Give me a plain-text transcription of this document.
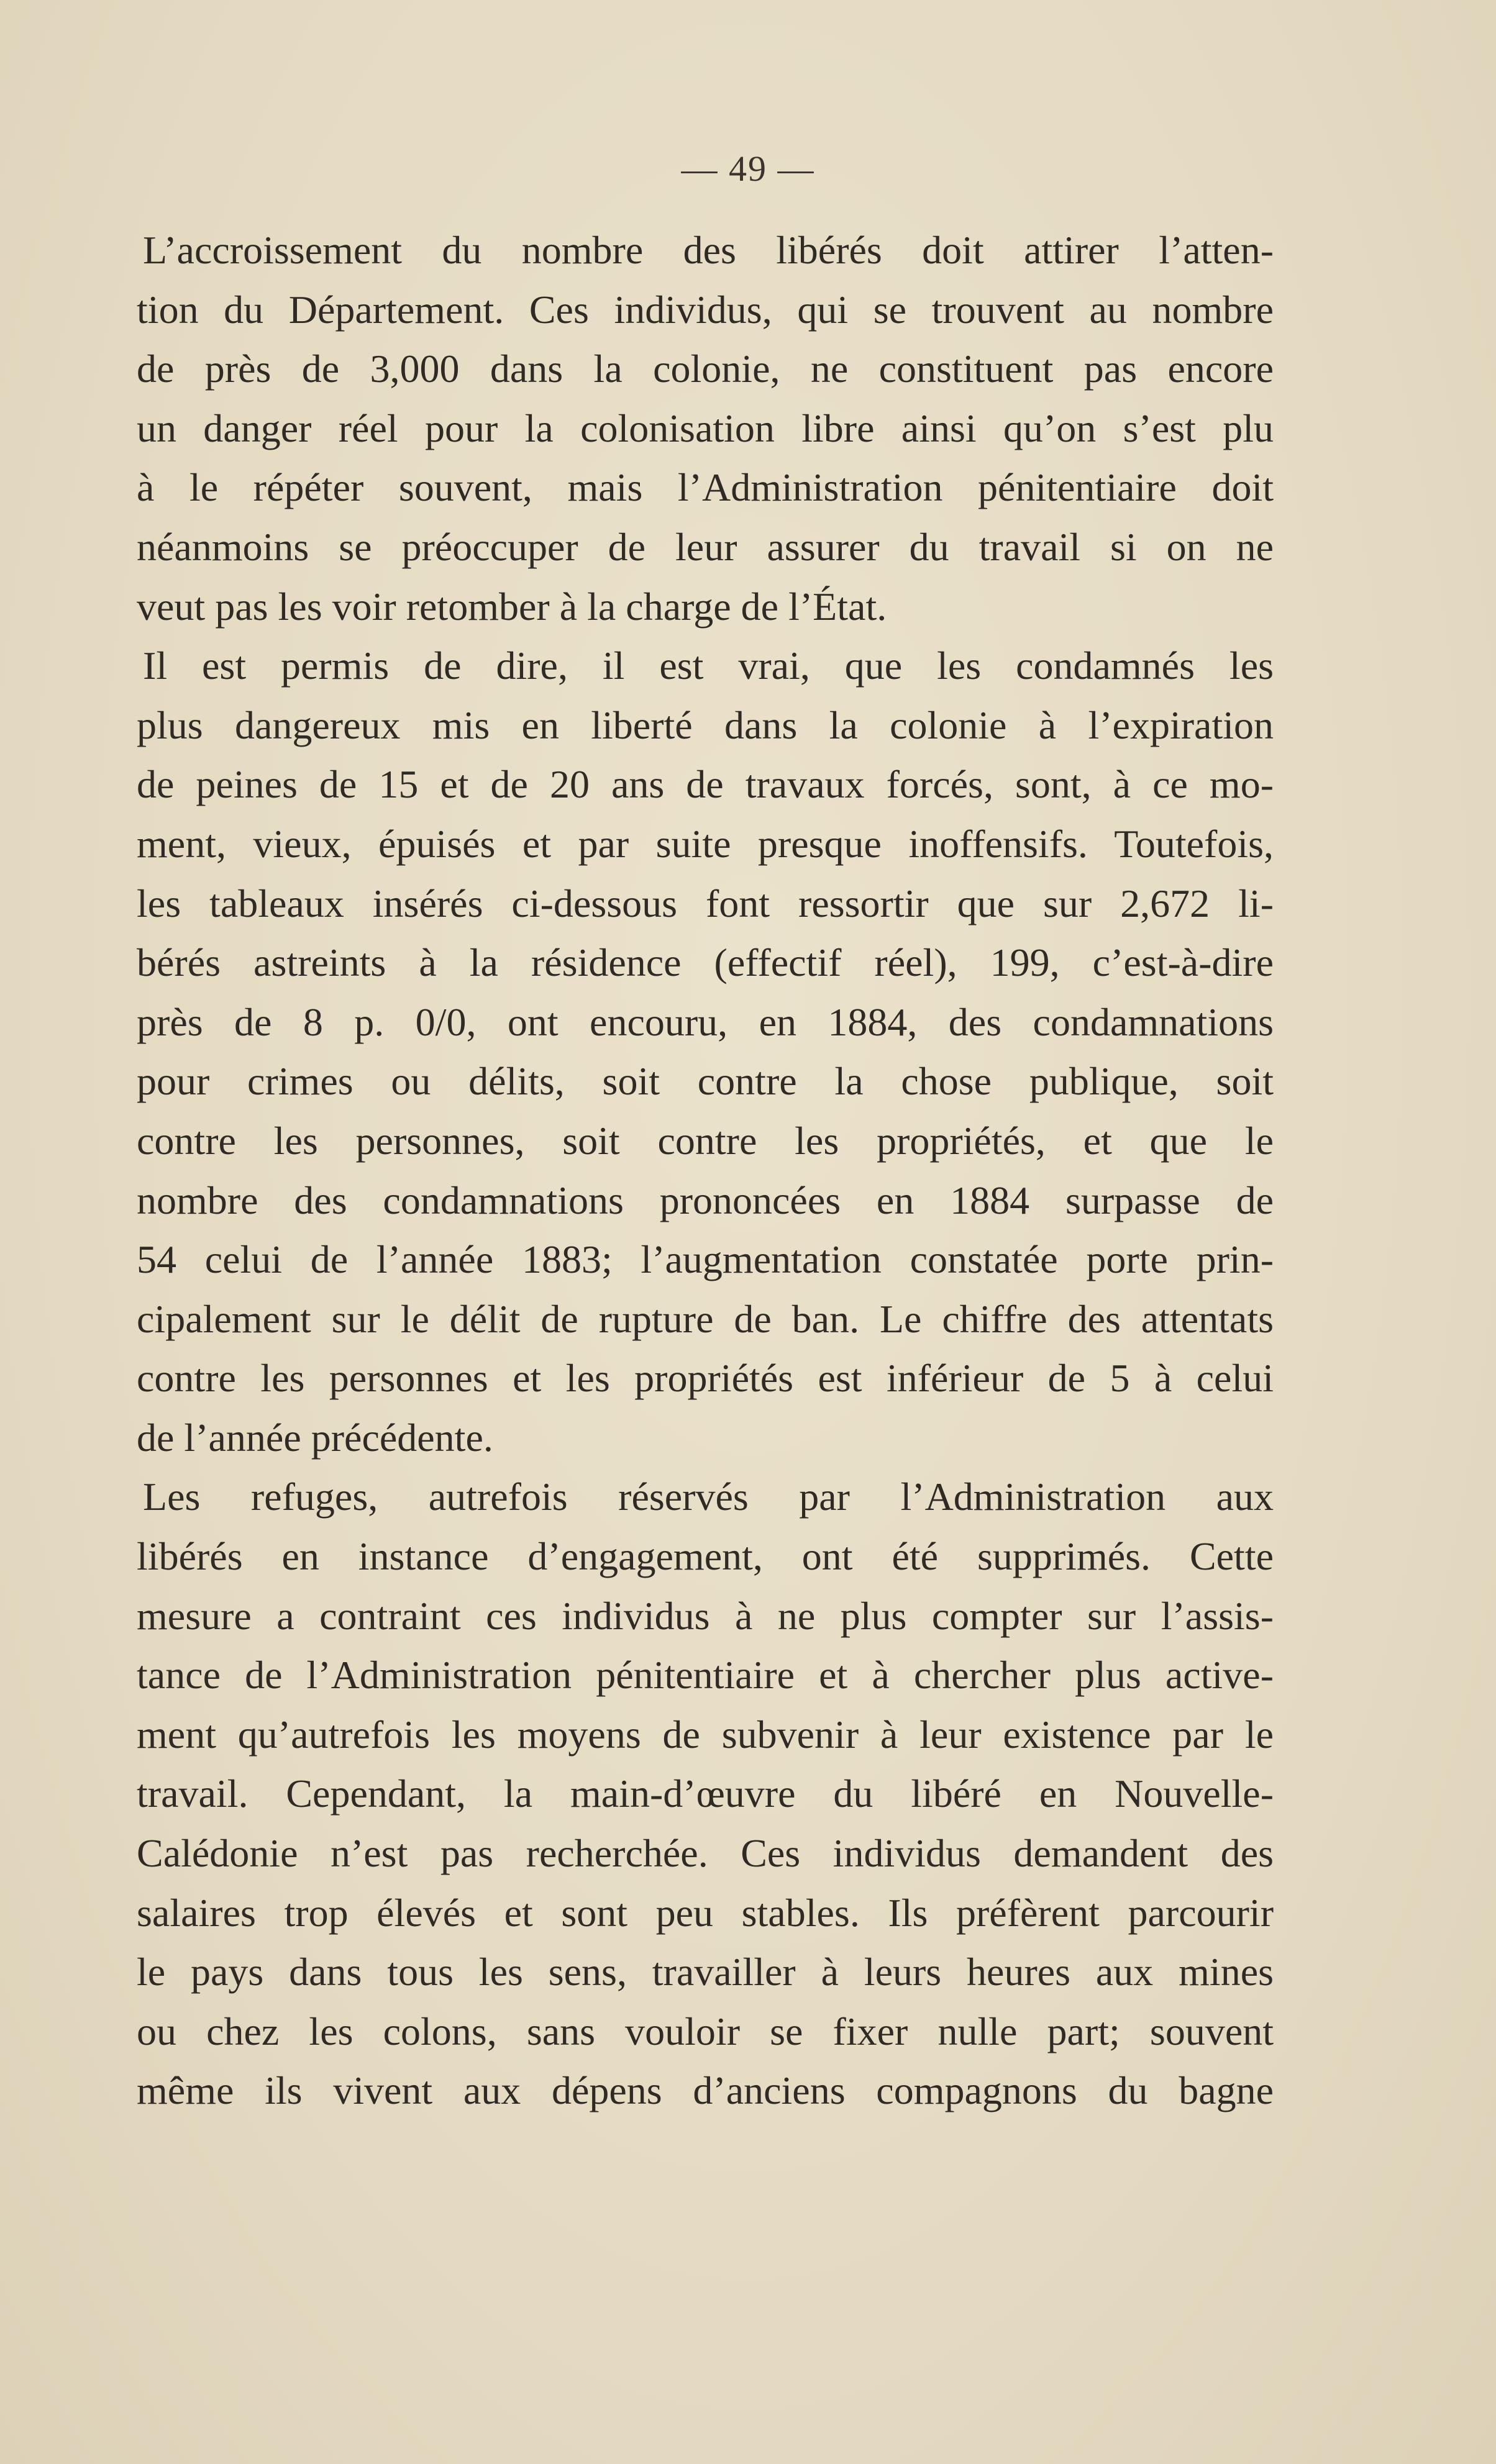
— 49 —
L’accroissement du nombre des libérés doit attirer l’atten-
tion du Département. Ces individus, qui se trouvent au nombre
de près de 3,000 dans la colonie, ne constituent pas encore
un danger réel pour la colonisation libre ainsi qu’on s’est plu
à le répéter souvent, mais l’Administration pénitentiaire doit
néanmoins se préoccuper de leur assurer du travail si on ne
veut pas les voir retomber à la charge de l’État.
Il est permis de dire, il est vrai, que les condamnés les
plus dangereux mis en liberté dans la colonie à l’expiration
de peines de 15 et de 20 ans de travaux forcés, sont, à ce mo-
ment, vieux, épuisés et par suite presque inoffensifs. Toutefois,
les tableaux insérés ci-dessous font ressortir que sur 2,672 li-
bérés astreints à la résidence (effectif réel), 199, c’est-à-dire
près de 8 p. 0/0, ont encouru, en 1884, des condamnations
pour crimes ou délits, soit contre la chose publique, soit
contre les personnes, soit contre les propriétés, et que le
nombre des condamnations prononcées en 1884 surpasse de
54 celui de l’année 1883; l’augmentation constatée porte prin-
cipalement sur le délit de rupture de ban. Le chiffre des attentats
contre les personnes et les propriétés est inférieur de 5 à celui
de l’année précédente.
Les refuges, autrefois réservés par l’Administration aux
libérés en instance d’engagement, ont été supprimés. Cette
mesure a contraint ces individus à ne plus compter sur l’assis-
tance de l’Administration pénitentiaire et à chercher plus active-
ment qu’autrefois les moyens de subvenir à leur existence par le
travail. Cependant, la main-d’œuvre du libéré en Nouvelle-
Calédonie n’est pas recherchée. Ces individus demandent des
salaires trop élevés et sont peu stables. Ils préfèrent parcourir
le pays dans tous les sens, travailler à leurs heures aux mines
ou chez les colons, sans vouloir se fixer nulle part; souvent
même ils vivent aux dépens d’anciens compagnons du bagne
